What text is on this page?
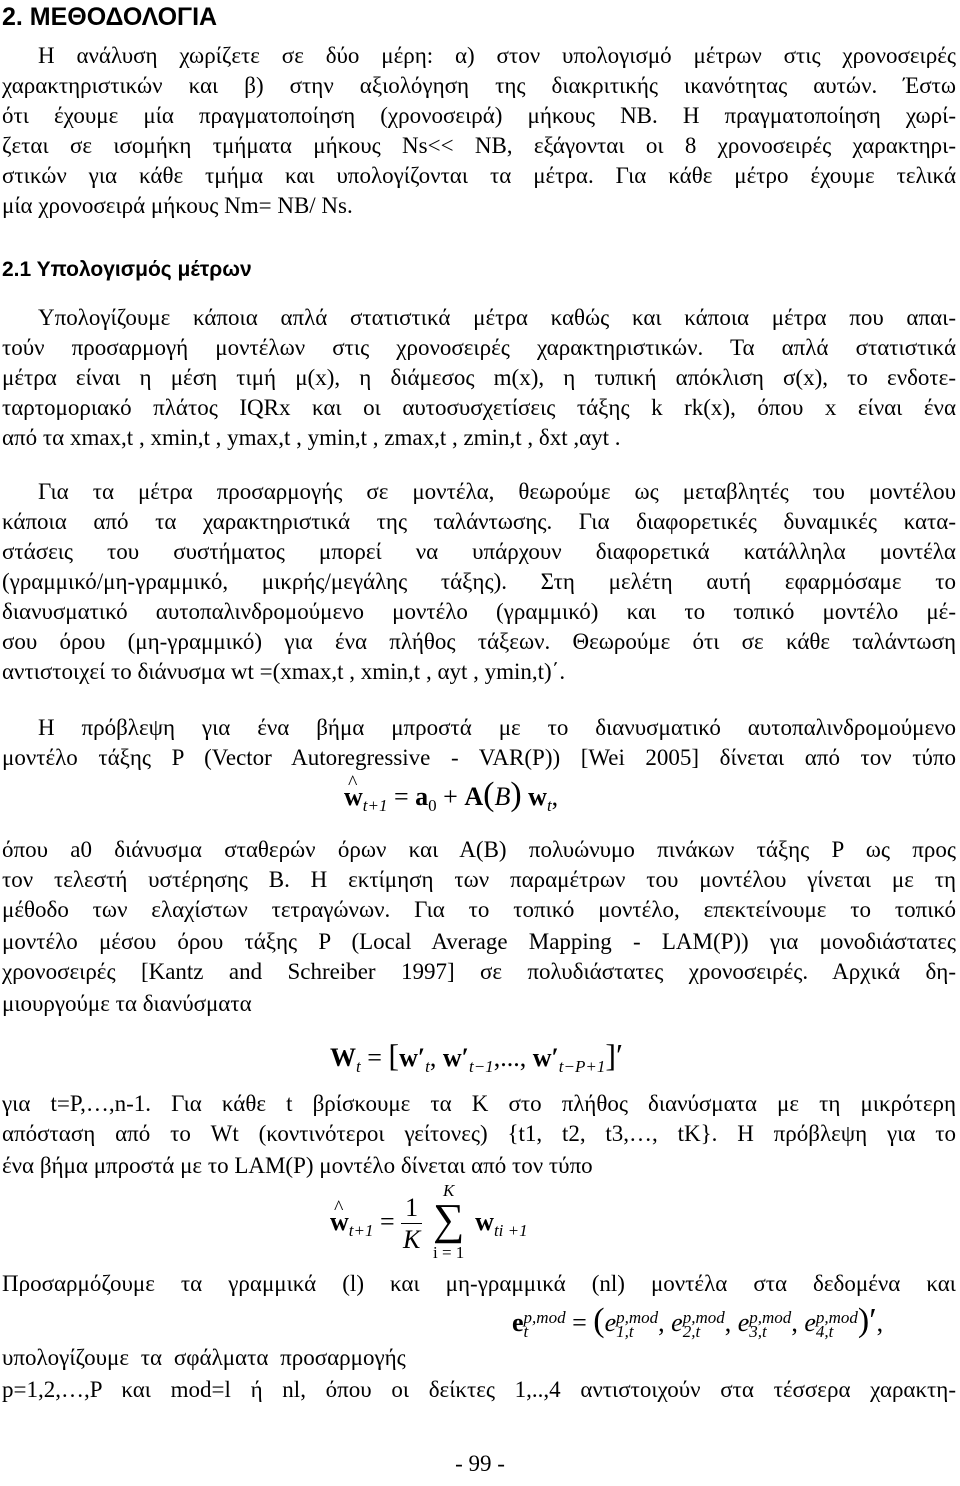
2. ΜΕΘΟΔΟΛΟΓΙΑ
Η ανάλυση χωρίζετε σε δύο μέρη: α) στον υπολογισμό μέτρων στις χρονοσειρές
χαρακτηριστικών και β) στην αξιολόγηση της διακριτικής ικανότητας αυτών. Έστω
ότι έχουμε μία πραγματοποίηση (χρονοσειρά) μήκους ΝΒ. Η πραγματοποίηση χωρί-
ζεται σε ισομήκη τμήματα μήκους Ns<< NB, εξάγονται οι 8 χρονοσειρές χαρακτηρι-
στικών για κάθε τμήμα και υπολογίζονται τα μέτρα. Για κάθε μέτρο έχουμε τελικά
μία χρονοσειρά μήκους Nm= NB/ Ns.
2.1 Υπολογισμός μέτρων
Υπολογίζουμε κάποια απλά στατιστικά μέτρα καθώς και κάποια μέτρα που απαι-
τούν προσαρμογή μοντέλων στις χρονοσειρές χαρακτηριστικών. Τα απλά στατιστικά
μέτρα είναι η μέση τιμή μ(x), η διάμεσος m(x), η τυπική απόκλιση σ(x), το ενδοτε-
ταρτομοριακό πλάτος IQRx και οι αυτοσυσχετίσεις τάξης k rk(x), όπου x είναι ένα
από τα xmax,t , xmin,t , ymax,t , ymin,t , zmax,t , zmin,t , δxt ,αyt .
Για τα μέτρα προσαρμογής σε μοντέλα, θεωρούμε ως μεταβλητές του μοντέλου
κάποια από τα χαρακτηριστικά της ταλάντωσης. Για διαφορετικές δυναμικές κατα-
στάσεις του συστήματος μπορεί να υπάρχουν διαφορετικά κατάλληλα μοντέλα
(γραμμικό/μη-γραμμικό, μικρής/μεγάλης τάξης). Στη μελέτη αυτή εφαρμόσαμε το
διανυσματικό αυτοπαλινδρομούμενο μοντέλο (γραμμικό) και το τοπικό μοντέλο μέ-
σου όρου (μη-γραμμικό) για ένα πλήθος τάξεων. Θεωρούμε ότι σε κάθε ταλάντωση
αντιστοιχεί το διάνυσμα wt =(xmax,t , xmin,t , αyt , ymin,t)΄.
Η πρόβλεψη για ένα βήμα μπροστά με το διανυσματικό αυτοπαλινδρομούμενο
μοντέλο τάξης P (Vector Autoregressive - VAR(P)) [Wei 2005] δίνεται από τον τύπο
^ $w_{t+1} = a_0 + A(B)$ $w_t$,
όπου a0 διάνυσμα σταθερών όρων και Α(Β) πολυώνυμο πινάκων τάξης P ως προς
τον τελεστή υστέρησης B. Η εκτίμηση των παραμέτρων του μοντέλου γίνεται με τη
μέθοδο των ελαχίστων τετραγώνων. Για το τοπικό μοντέλο, επεκτείνουμε το τοπικό
μοντέλο μέσου όρου τάξης P (Local Average Mapping - LAM(P)) για μονοδιάστατες
χρονοσειρές [Kantz and Schreiber 1997] σε πολυδιάστατες χρονοσειρές. Αρχικά δη-
μιουργούμε τα διανύσματα
$W_t = [w'_t$, $w'_{t-1}$,..., $w'_{t-P+1}]'$
για t=P,…,n-1. Για κάθε t βρίσκουμε τα K στο πλήθος διανύσματα με τη μικρότερη
απόσταση από το Wt (κοντινότεροι γείτονες) {t1, t2, t3,…, tK}. Η πρόβλεψη για το
ένα βήμα μπροστά με το LAM(P) μοντέλο δίνεται από τον τύπο
^ $w_{t+1} = \frac{1}{K}$

K
∑
i = 1
$w_{ti +1}$
Προσαρμόζουμε τα γραμμικά (l) και μη-γραμμικά (nl) μοντέλα στα δεδομένα και
e p,mod
t	= (e p,mod
1,t , e p,mod
2,t , e p,mod
3,t , e p,mod
4,t )′,
υπολογίζουμε τα σφάλματα προσαρμογής
p=1,2,…,P και mod=l ή nl, όπου οι δείκτες 1,..,4 αντιστοιχούν στα τέσσερα χαρακτη-
- 99 -
